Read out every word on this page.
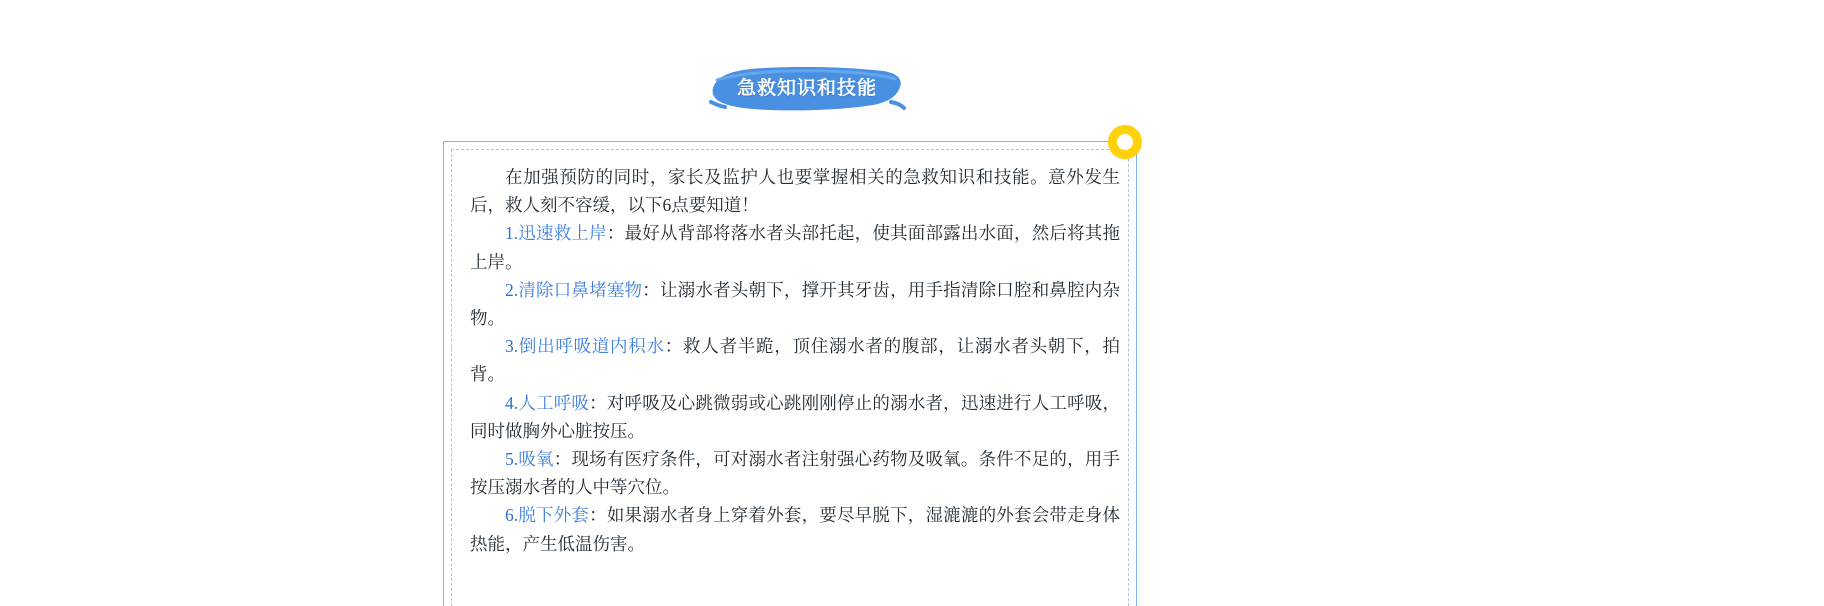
急救知识和技能

在加强预防的同时，家长及监护人也要掌握相关的急救知识和技能。意外发生后，救人刻不容缓，以下6点要知道！

1.迅速救上岸：最好从背部将落水者头部托起，使其面部露出水面，然后将其拖上岸。

2.清除口鼻堵塞物：让溺水者头朝下，撑开其牙齿，用手指清除口腔和鼻腔内杂物。

3.倒出呼吸道内积水：救人者半跪，顶住溺水者的腹部，让溺水者头朝下，拍背。

4.人工呼吸：对呼吸及心跳微弱或心跳刚刚停止的溺水者，迅速进行人工呼吸，同时做胸外心脏按压。

5.吸氧：现场有医疗条件，可对溺水者注射强心药物及吸氧。条件不足的，用手按压溺水者的人中等穴位。

6.脱下外套：如果溺水者身上穿着外套，要尽早脱下，湿漉漉的外套会带走身体热能，产生低温伤害。
